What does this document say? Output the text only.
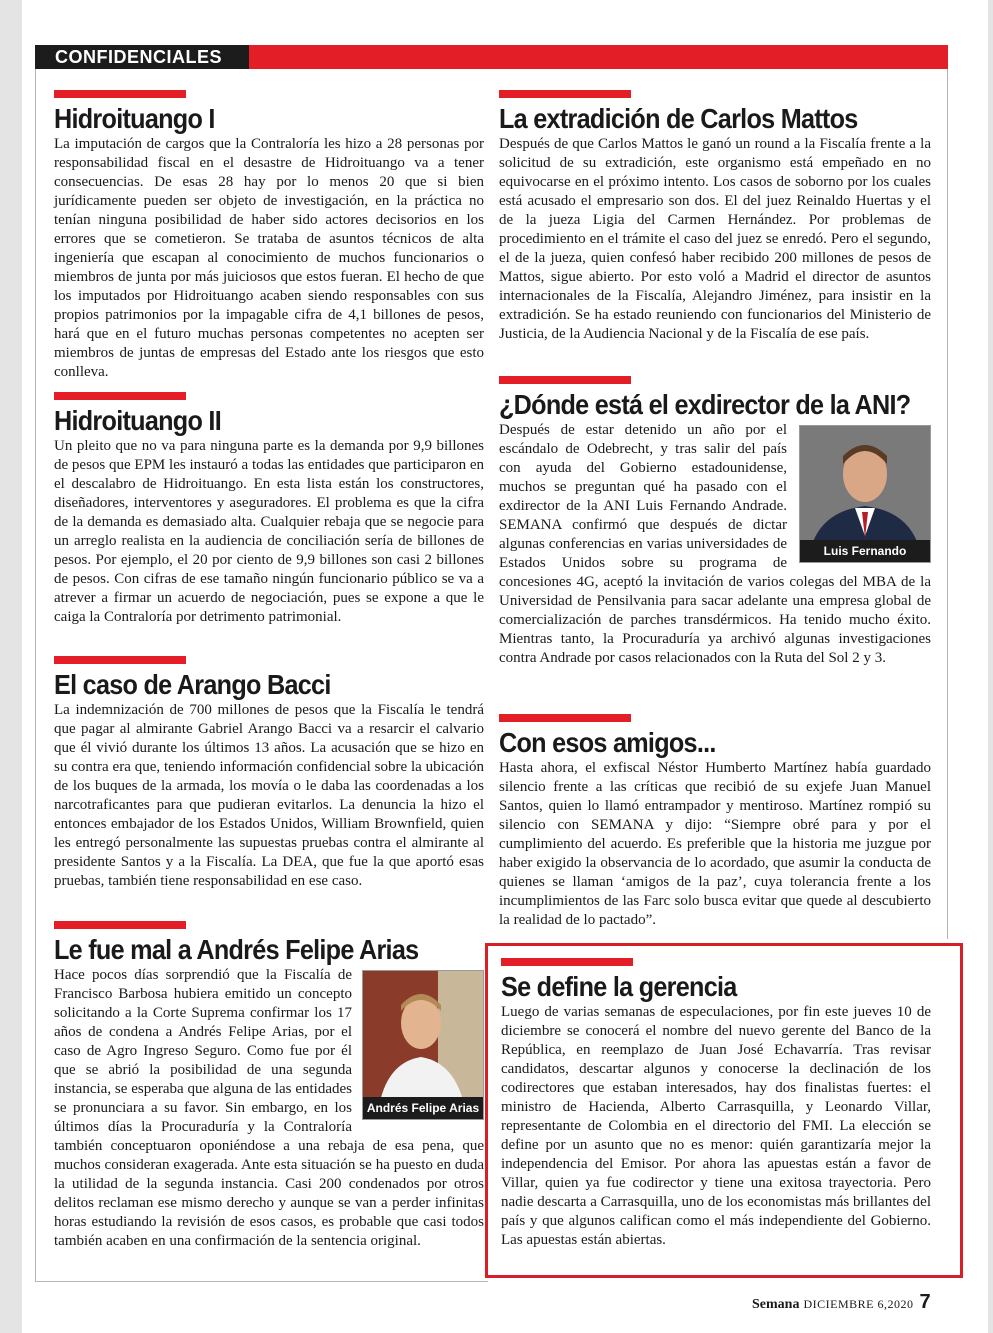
CONFIDENCIALES
Hidroituango I

La imputación de cargos que la Contraloría les hizo a 28 personas por responsabilidad fiscal en el desastre de Hidroituango va a tener consecuencias. De esas 28 hay por lo menos 20 que si bien jurídicamente pueden ser objeto de investigación, en la práctica no tenían ninguna posibilidad de haber sido actores decisorios en los errores que se cometieron. Se trataba de asuntos técnicos de alta ingeniería que escapan al conocimiento de muchos funcionarios o miembros de junta por más juiciosos que estos fueran. El hecho de que los imputados por Hidroituango acaben siendo responsables con sus propios patrimonios por la impagable cifra de 4,1 billones de pesos, hará que en el futuro muchas personas competentes no acepten ser miembros de juntas de empresas del Estado ante los riesgos que esto conlleva.

Hidroituango II

Un pleito que no va para ninguna parte es la demanda por 9,9 billones de pesos que EPM les instauró a todas las entidades que participaron en el descalabro de Hidroituango. En esta lista están los constructores, diseñadores, interventores y aseguradores. El problema es que la cifra de la demanda es demasiado alta. Cualquier rebaja que se negocie para un arreglo realista en la audiencia de conciliación sería de billones de pesos. Por ejemplo, el 20 por ciento de 9,9 billones son casi 2 billones de pesos. Con cifras de ese tamaño ningún funcionario público se va a atrever a firmar un acuerdo de negociación, pues se expone a que le caiga la Contraloría por detrimento patrimonial.

El caso de Arango Bacci

La indemnización de 700 millones de pesos que la Fiscalía le tendrá que pagar al almirante Gabriel Arango Bacci va a resarcir el calvario que él vivió durante los últimos 13 años. La acusación que se hizo en su contra era que, teniendo información confidencial sobre la ubicación de los buques de la armada, los movía o le daba las coordenadas a los narcotraficantes para que pudieran evitarlos. La denuncia la hizo el entonces embajador de los Estados Unidos, William Brownfield, quien les entregó personalmente las supuestas pruebas contra el almirante al presidente Santos y a la Fiscalía. La DEA, que fue la que aportó esas pruebas, también tiene responsabilidad en ese caso.

Le fue mal a Andrés Felipe Arias
Andrés Felipe Arias

Hace pocos días sorprendió que la Fiscalía de Francisco Barbosa hubiera emitido un concepto solicitando a la Corte Suprema confirmar los 17 años de condena a Andrés Felipe Arias, por el caso de Agro Ingreso Seguro. Como fue por él que se abrió la posibilidad de una segunda instancia, se esperaba que alguna de las entidades se pronunciara a su favor. Sin embargo, en los últimos días la Procuraduría y la Contraloría también conceptuaron oponiéndose a una rebaja de esa pena, que muchos consideran exagerada. Ante esta situación se ha puesto en duda la utilidad de la segunda instancia. Casi 200 condenados por otros delitos reclaman ese mismo derecho y aunque se van a perder infinitas horas estudiando la revisión de esos casos, es probable que casi todos también acaben en una confirmación de la sentencia original.

La extradición de Carlos Mattos

Después de que Carlos Mattos le ganó un round a la Fiscalía frente a la solicitud de su extradición, este organismo está empeñado en no equivocarse en el próximo intento. Los casos de soborno por los cuales está acusado el empresario son dos. El del juez Reinaldo Huertas y el de la jueza Ligia del Carmen Hernández. Por problemas de procedimiento en el trámite el caso del juez se enredó. Pero el segundo, el de la jueza, quien confesó haber recibido 200 millones de pesos de Mattos, sigue abierto. Por esto voló a Madrid el director de asuntos internacionales de la Fiscalía, Alejandro Jiménez, para insistir en la extradición. Se ha estado reuniendo con funcionarios del Ministerio de Justicia, de la Audiencia Nacional y de la Fiscalía de ese país.

¿Dónde está el exdirector de la ANI?
Luis Fernando

Después de estar detenido un año por el escándalo de Odebrecht, y tras salir del país con ayuda del Gobierno estadounidense, muchos se preguntan qué ha pasado con el exdirector de la ANI Luis Fernando Andrade. SEMANA confirmó que después de dictar algunas conferencias en varias universidades de Estados Unidos sobre su programa de concesiones 4G, aceptó la invitación de varios colegas del MBA de la Universidad de Pensilvania para sacar adelante una empresa global de comercialización de parches transdérmicos. Ha tenido mucho éxito. Mientras tanto, la Procuraduría ya archivó algunas investigaciones contra Andrade por casos relacionados con la Ruta del Sol 2 y 3.

Con esos amigos...

Hasta ahora, el exfiscal Néstor Humberto Martínez había guardado silencio frente a las críticas que recibió de su exjefe Juan Manuel Santos, quien lo llamó entrampador y mentiroso. Martínez rompió su silencio con SEMANA y dijo: “Siempre obré para y por el cumplimiento del acuerdo. Es preferible que la historia me juzgue por haber exigido la observancia de lo acordado, que asumir la conducta de quienes se llaman ‘amigos de la paz’, cuya tolerancia frente a los incumplimientos de las Farc solo busca evitar que quede al descubierto la realidad de lo pactado”.

Se define la gerencia

Luego de varias semanas de especulaciones, por fin este jueves 10 de diciembre se conocerá el nombre del nuevo gerente del Banco de la República, en reemplazo de Juan José Echavarría. Tras revisar candidatos, descartar algunos y conocerse la declinación de los codirectores que estaban interesados, hay dos finalistas fuertes: el ministro de Hacienda, Alberto Carrasquilla, y Leonardo Villar, representante de Colombia en el directorio del FMI. La elección se define por un asunto que no es menor: quién garantizaría mejor la independencia del Emisor. Por ahora las apuestas están a favor de Villar, quien ya fue codirector y tiene una exitosa trayectoria. Pero nadie descarta a Carrasquilla, uno de los economistas más brillantes del país y que algunos califican como el más independiente del Gobierno. Las apuestas están abiertas.

Semana DICIEMBRE 6,2020 7
